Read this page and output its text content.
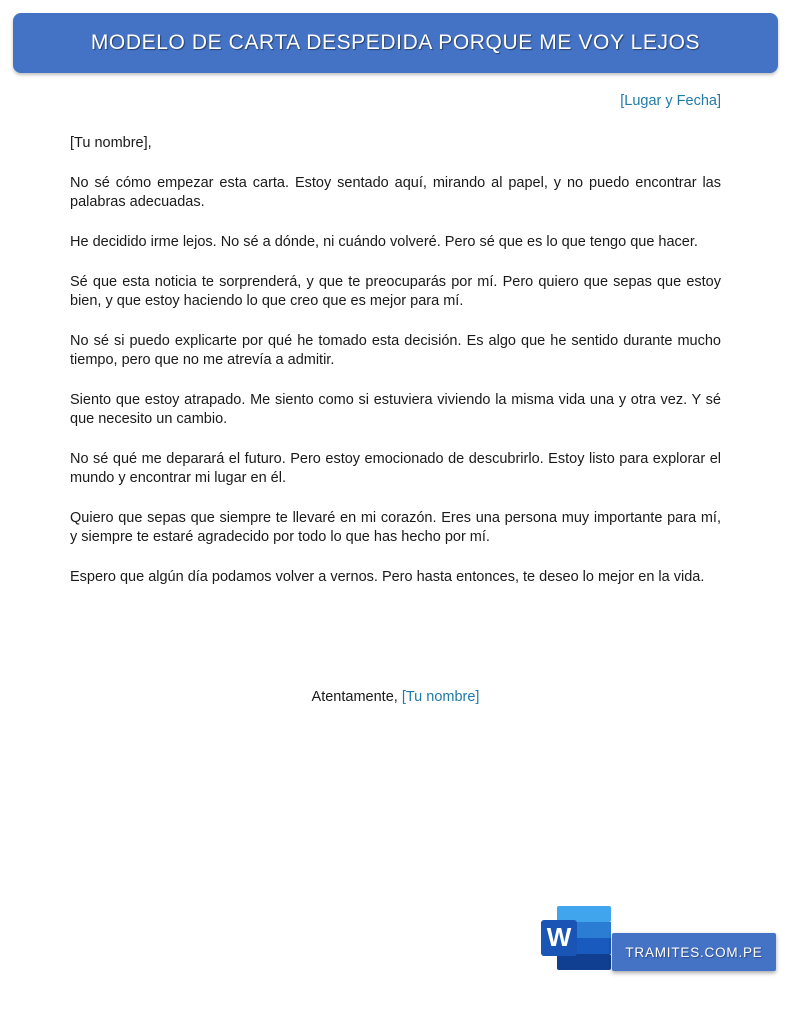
MODELO DE CARTA DESPEDIDA PORQUE ME VOY LEJOS
[Lugar y Fecha]

[Tu nombre],

No sé cómo empezar esta carta. Estoy sentado aquí, mirando al papel, y no puedo encontrar las palabras adecuadas.

He decidido irme lejos. No sé a dónde, ni cuándo volveré. Pero sé que es lo que tengo que hacer.

Sé que esta noticia te sorprenderá, y que te preocuparás por mí. Pero quiero que sepas que estoy bien, y que estoy haciendo lo que creo que es mejor para mí.

No sé si puedo explicarte por qué he tomado esta decisión. Es algo que he sentido durante mucho tiempo, pero que no me atrevía a admitir.

Siento que estoy atrapado. Me siento como si estuviera viviendo la misma vida una y otra vez. Y sé que necesito un cambio.

No sé qué me deparará el futuro. Pero estoy emocionado de descubrirlo. Estoy listo para explorar el mundo y encontrar mi lugar en él.

Quiero que sepas que siempre te llevaré en mi corazón. Eres una persona muy importante para mí, y siempre te estaré agradecido por todo lo que has hecho por mí.

Espero que algún día podamos volver a vernos. Pero hasta entonces, te deseo lo mejor en la vida.

Atentamente, [Tu nombre]
W	TRAMITES.COM.PE
